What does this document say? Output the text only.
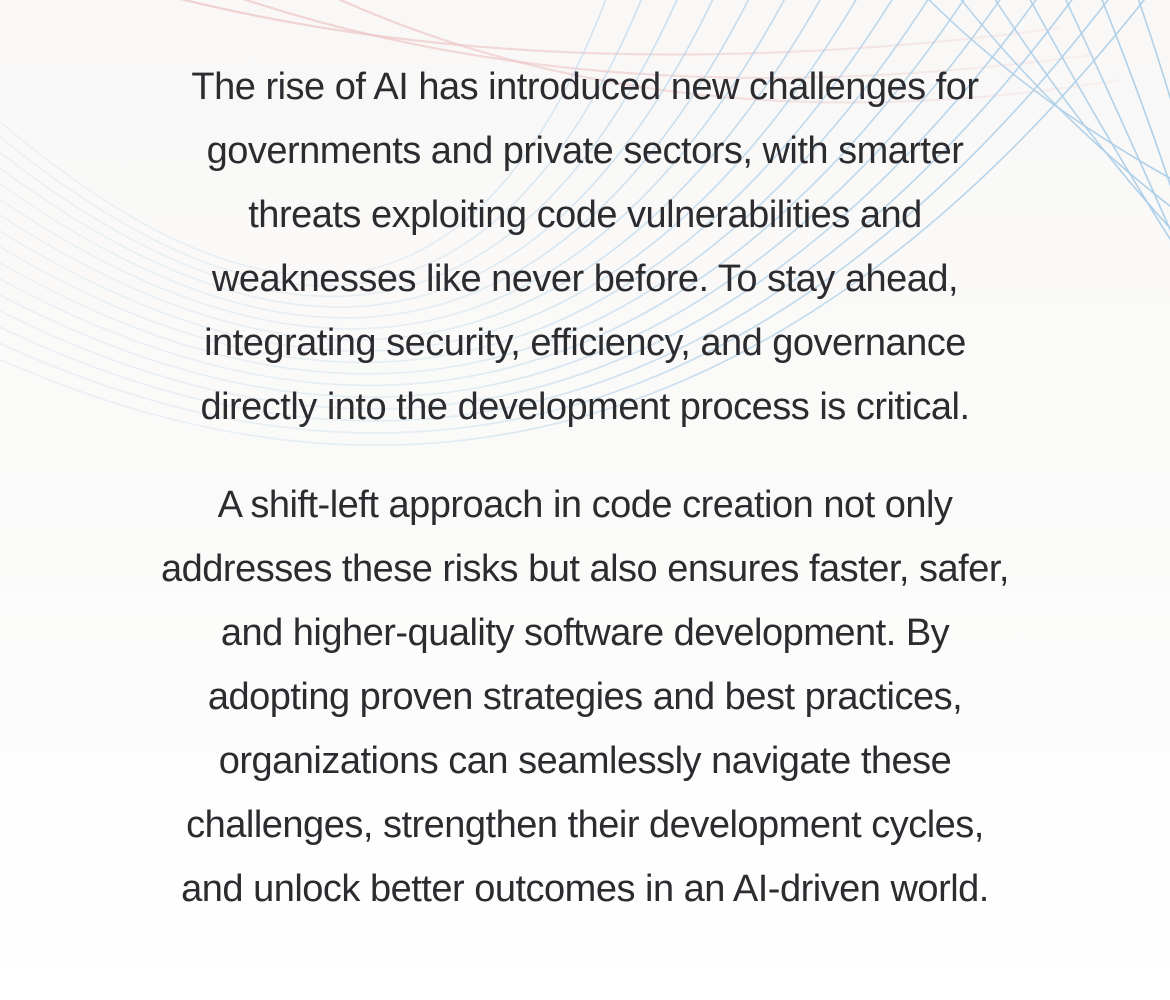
The rise of AI has introduced new challenges for
governments and private sectors, with smarter
threats exploiting code vulnerabilities and
weaknesses like never before. To stay ahead,
integrating security, efficiency, and governance
directly into the development process is critical.

A shift-left approach in code creation not only
addresses these risks but also ensures faster, safer,
and higher-quality software development. By
adopting proven strategies and best practices,
organizations can seamlessly navigate these
challenges, strengthen their development cycles,
and unlock better outcomes in an AI-driven world.
